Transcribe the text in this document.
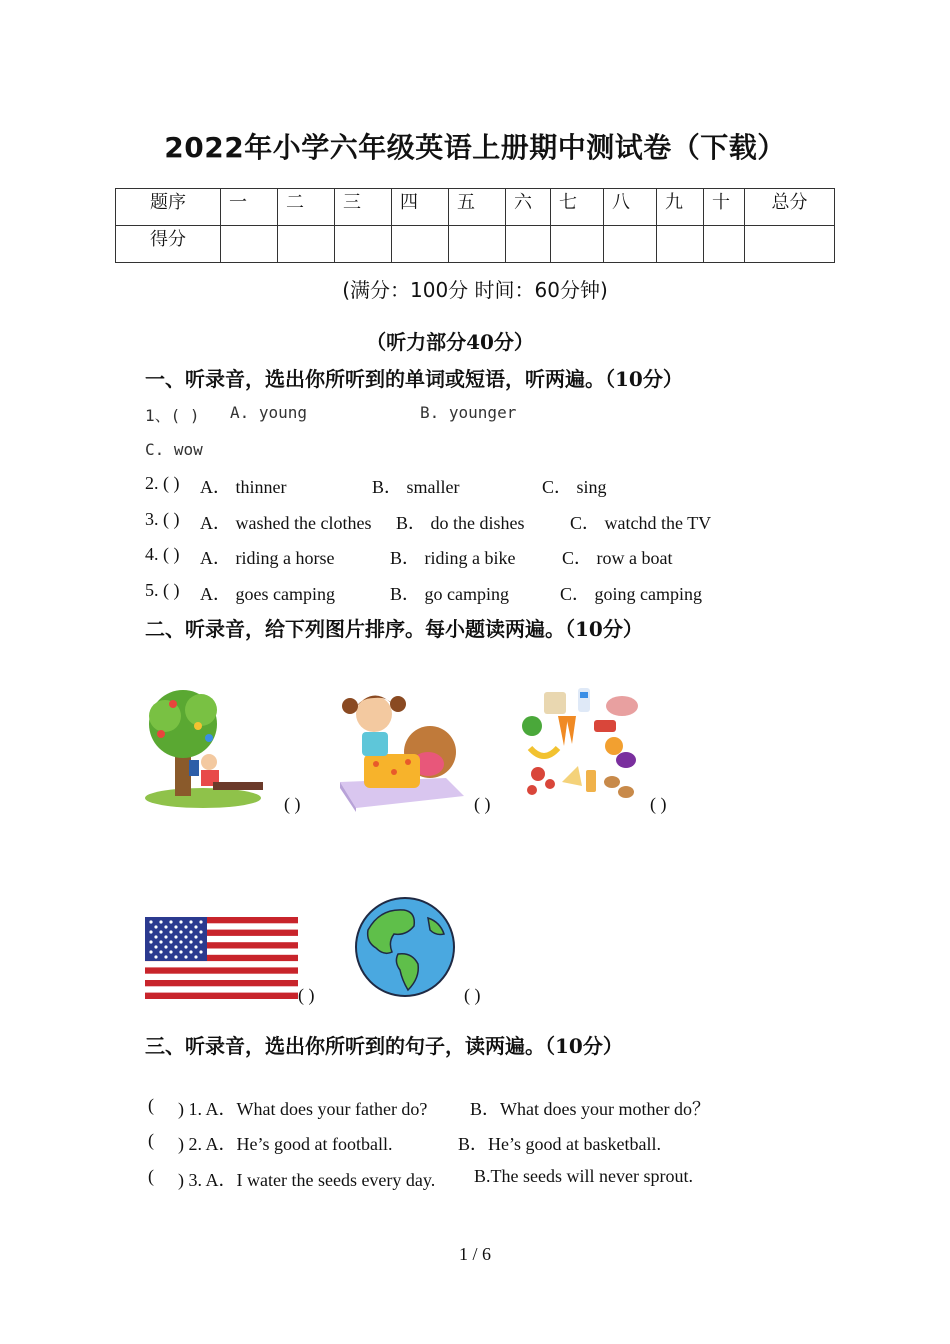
2022年小学六年级英语上册期中测试卷（下载）
题序	一	二	三	四	五	六	七	八	九	十	总分
得分											
(满分：100分 时间：60分钟)
（听力部分40分）
一、听录音，选出你所听到的单词或短语，听两遍。（10分）
1、( ) A. young	B. younger
C. wow
2. ( ) A． thinner	B． smaller	C． sing
3. ( ) A． washed the clothes B． do the dishes	C． watchd the TV
4. ( ) A． riding a horse	B． riding a bike	C． row a boat
5. ( ) A． goes camping	B． go camping	C． going camping
二、听录音，给下列图片排序。每小题读两遍。（10分）
( )	( )	( )
( )	( )
三、听录音，选出你所听到的句子，读两遍。（10分）
( ) 1. A．What does your father do? B．What does your mother do？
( ) 2. A．He’s good at football.	B．He’s good at basketball.
( ) 3. A．I water the seeds every day. B.The seeds will never sprout.
1 / 6
